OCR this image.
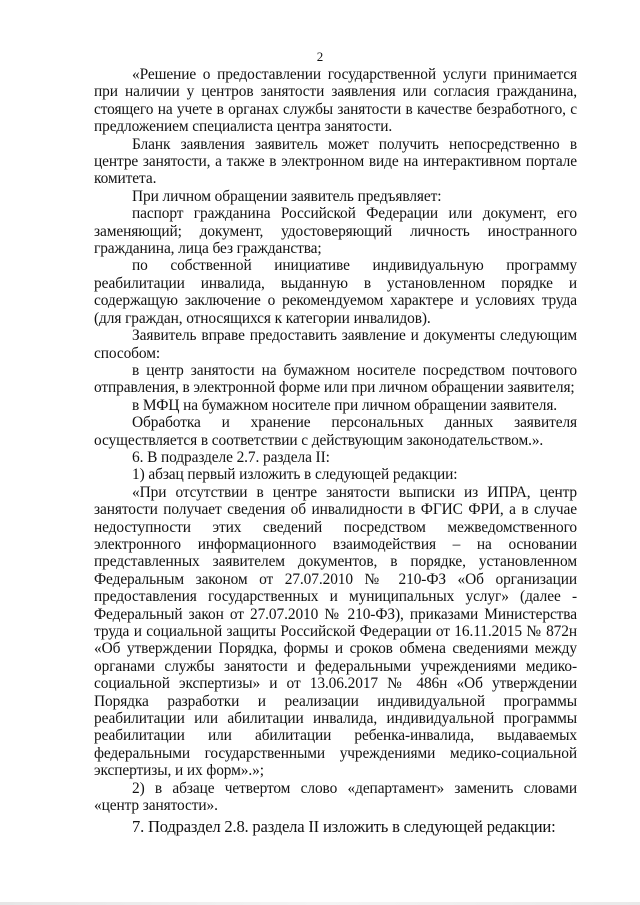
2

«Решение о предоставлении государственной услуги принимается при наличии у центров занятости заявления или согласия гражданина, стоящего на учете в органах службы занятости в качестве безработного, с предложением специалиста центра занятости.

Бланк заявления заявитель может получить непосредственно в центре занятости, а также в электронном виде на интерактивном портале комитета.

При личном обращении заявитель предъявляет:

паспорт гражданина Российской Федерации или документ, его заменяющий; документ, удостоверяющий личность иностранного гражданина, лица без гражданства;

по собственной инициативе индивидуальную программу реабилитации инвалида, выданную в установленном порядке и содержащую заключение о рекомендуемом характере и условиях труда (для граждан, относящихся к категории инвалидов).

Заявитель вправе предоставить заявление и документы следующим способом:

в центр занятости на бумажном носителе посредством почтового отправления, в электронной форме или при личном обращении заявителя;

в МФЦ на бумажном носителе при личном обращении заявителя.

Обработка и хранение персональных данных заявителя осуществляется в соответствии с действующим законодательством.».

6. В подразделе 2.7. раздела II:

1) абзац первый изложить в следующей редакции:

«При отсутствии в центре занятости выписки из ИПРА, центр занятости получает сведения об инвалидности в ФГИС ФРИ, а в случае недоступности этих сведений посредством межведомственного электронного информационного взаимодействия – на основании представленных заявителем документов, в порядке, установленном Федеральным законом от 27.07.2010 № 210-ФЗ «Об организации предоставления государственных и муниципальных услуг» (далее - Федеральный закон от 27.07.2010 № 210-ФЗ), приказами Министерства труда и социальной защиты Российской Федерации от 16.11.2015 № 872н «Об утверждении Порядка, формы и сроков обмена сведениями между органами службы занятости и федеральными учреждениями медико-социальной экспертизы» и от 13.06.2017 № 486н «Об утверждении Порядка разработки и реализации индивидуальной программы реабилитации или абилитации инвалида, индивидуальной программы реабилитации или абилитации ребенка-инвалида, выдаваемых федеральными государственными учреждениями медико-социальной экспертизы, и их форм».»;

2) в абзаце четвертом слово «департамент» заменить словами «центр занятости».

7. Подраздел 2.8. раздела II изложить в следующей редакции:
